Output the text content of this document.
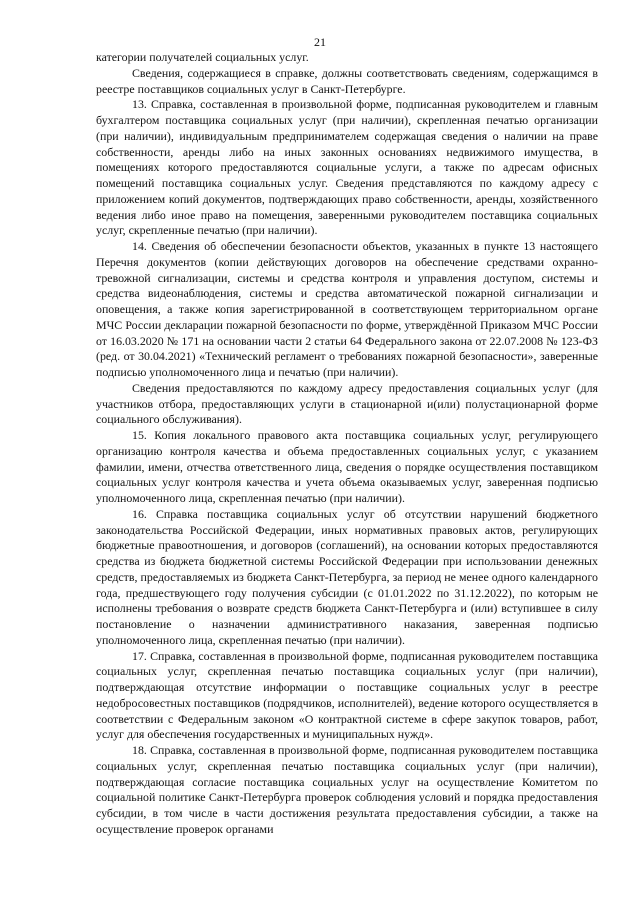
21

категории получателей социальных услуг.

Сведения, содержащиеся в справке, должны соответствовать сведениям, содержащимся в реестре поставщиков социальных услуг в Санкт-Петербурге.

13. Справка, составленная в произвольной форме, подписанная руководителем и главным бухгалтером поставщика социальных услуг (при наличии), скрепленная печатью организации (при наличии), индивидуальным предпринимателем содержащая сведения о наличии на праве собственности, аренды либо на иных законных основаниях недвижимого имущества, в помещениях которого предоставляются социальные услуги, а также по адресам офисных помещений поставщика социальных услуг. Сведения представляются по каждому адресу с приложением копий документов, подтверждающих право собственности, аренды, хозяйственного ведения либо иное право на помещения, заверенными руководителем поставщика социальных услуг, скрепленные печатью (при наличии).

14. Сведения об обеспечении безопасности объектов, указанных в пункте 13 настоящего Перечня документов (копии действующих договоров на обеспечение средствами охранно-тревожной сигнализации, системы и средства контроля и управления доступом, системы и средства видеонаблюдения, системы и средства автоматической пожарной сигнализации и оповещения, а также копия зарегистрированной в соответствующем территориальном органе МЧС России декларации пожарной безопасности по форме, утверждённой Приказом МЧС России от 16.03.2020 № 171 на основании части 2 статьи 64 Федерального закона от 22.07.2008 № 123-ФЗ (ред. от 30.04.2021) «Технический регламент о требованиях пожарной безопасности», заверенные подписью уполномоченного лица и печатью (при наличии).

Сведения предоставляются по каждому адресу предоставления социальных услуг (для участников отбора, предоставляющих услуги в стационарной и(или) полустационарной форме социального обслуживания).

15. Копия локального правового акта поставщика социальных услуг, регулирующего организацию контроля качества и объема предоставленных социальных услуг, с указанием фамилии, имени, отчества ответственного лица, сведения о порядке осуществления поставщиком социальных услуг контроля качества и учета объема оказываемых услуг, заверенная подписью уполномоченного лица, скрепленная печатью (при наличии).

16. Справка поставщика социальных услуг об отсутствии нарушений бюджетного законодательства Российской Федерации, иных нормативных правовых актов, регулирующих бюджетные правоотношения, и договоров (соглашений), на основании которых предоставляются средства из бюджета бюджетной системы Российской Федерации при использовании денежных средств, предоставляемых из бюджета Санкт-Петербурга, за период не менее одного календарного года, предшествующего году получения субсидии (с 01.01.2022 по 31.12.2022), по которым не исполнены требования о возврате средств бюджета Санкт-Петербурга и (или) вступившее в силу постановление о назначении административного наказания, заверенная подписью уполномоченного лица, скрепленная печатью (при наличии).

17. Справка, составленная в произвольной форме, подписанная руководителем поставщика социальных услуг, скрепленная печатью поставщика социальных услуг (при наличии), подтверждающая отсутствие информации о поставщике социальных услуг в реестре недобросовестных поставщиков (подрядчиков, исполнителей), ведение которого осуществляется в соответствии с Федеральным законом «О контрактной системе в сфере закупок товаров, работ, услуг для обеспечения государственных и муниципальных нужд».

18. Справка, составленная в произвольной форме, подписанная руководителем поставщика социальных услуг, скрепленная печатью поставщика социальных услуг (при наличии), подтверждающая согласие поставщика социальных услуг на осуществление Комитетом по социальной политике Санкт-Петербурга проверок соблюдения условий и порядка предоставления субсидии, в том числе в части достижения результата предоставления субсидии, а также на осуществление проверок органами
